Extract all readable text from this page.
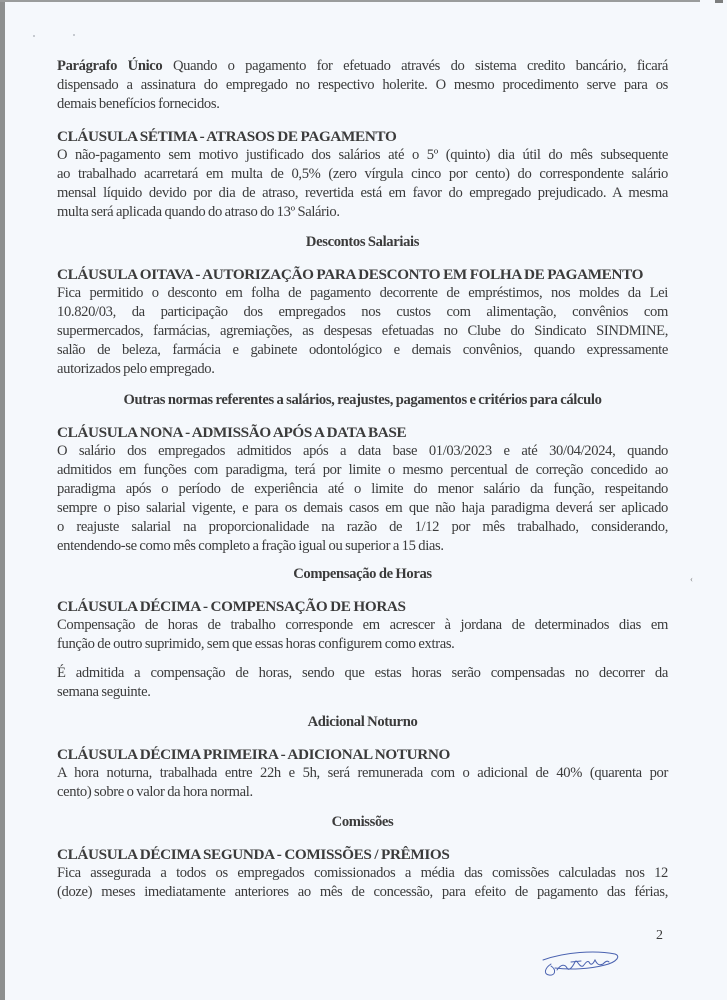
Parágrafo Único Quando o pagamento for efetuado através do sistema credito bancário, ficará
dispensado a assinatura do empregado no respectivo holerite. O mesmo procedimento serve para os
demais benefícios fornecidos.
CLÁUSULA SÉTIMA - ATRASOS DE PAGAMENTO
O não-pagamento sem motivo justificado dos salários até o 5º (quinto) dia útil do mês subsequente
ao trabalhado acarretará em multa de 0,5% (zero vírgula cinco por cento) do correspondente salário
mensal líquido devido por dia de atraso, revertida está em favor do empregado prejudicado. A mesma
multa será aplicada quando do atraso do 13º Salário.
Descontos Salariais
CLÁUSULA OITAVA - AUTORIZAÇÃO PARA DESCONTO EM FOLHA DE PAGAMENTO
Fica permitido o desconto em folha de pagamento decorrente de empréstimos, nos moldes da Lei
10.820/03, da participação dos empregados nos custos com alimentação, convênios com
supermercados, farmácias, agremiações, as despesas efetuadas no Clube do Sindicato SINDMINE,
salão de beleza, farmácia e gabinete odontológico e demais convênios, quando expressamente
autorizados pelo empregado.
Outras normas referentes a salários, reajustes, pagamentos e critérios para cálculo
CLÁUSULA NONA - ADMISSÃO APÓS A DATA BASE
O salário dos empregados admitidos após a data base 01/03/2023 e até 30/04/2024, quando
admitidos em funções com paradigma, terá por limite o mesmo percentual de correção concedido ao
paradigma após o período de experiência até o limite do menor salário da função, respeitando
sempre o piso salarial vigente, e para os demais casos em que não haja paradigma deverá ser aplicado
o reajuste salarial na proporcionalidade na razão de 1/12 por mês trabalhado, considerando,
entendendo-se como mês completo a fração igual ou superior a 15 dias.
Compensação de Horas	‹
CLÁUSULA DÉCIMA - COMPENSAÇÃO DE HORAS
Compensação de horas de trabalho corresponde em acrescer à jordana de determinados dias em
função de outro suprimido, sem que essas horas configurem como extras.
É admitida a compensação de horas, sendo que estas horas serão compensadas no decorrer da
semana seguinte.
Adicional Noturno
CLÁUSULA DÉCIMA PRIMEIRA - ADICIONAL NOTURNO
A hora noturna, trabalhada entre 22h e 5h, será remunerada com o adicional de 40% (quarenta por
cento) sobre o valor da hora normal.
Comissões
CLÁUSULA DÉCIMA SEGUNDA - COMISSÕES / PRÊMIOS
Fica assegurada a todos os empregados comissionados a média das comissões calculadas nos 12
(doze) meses imediatamente anteriores ao mês de concessão, para efeito de pagamento das férias,
2
